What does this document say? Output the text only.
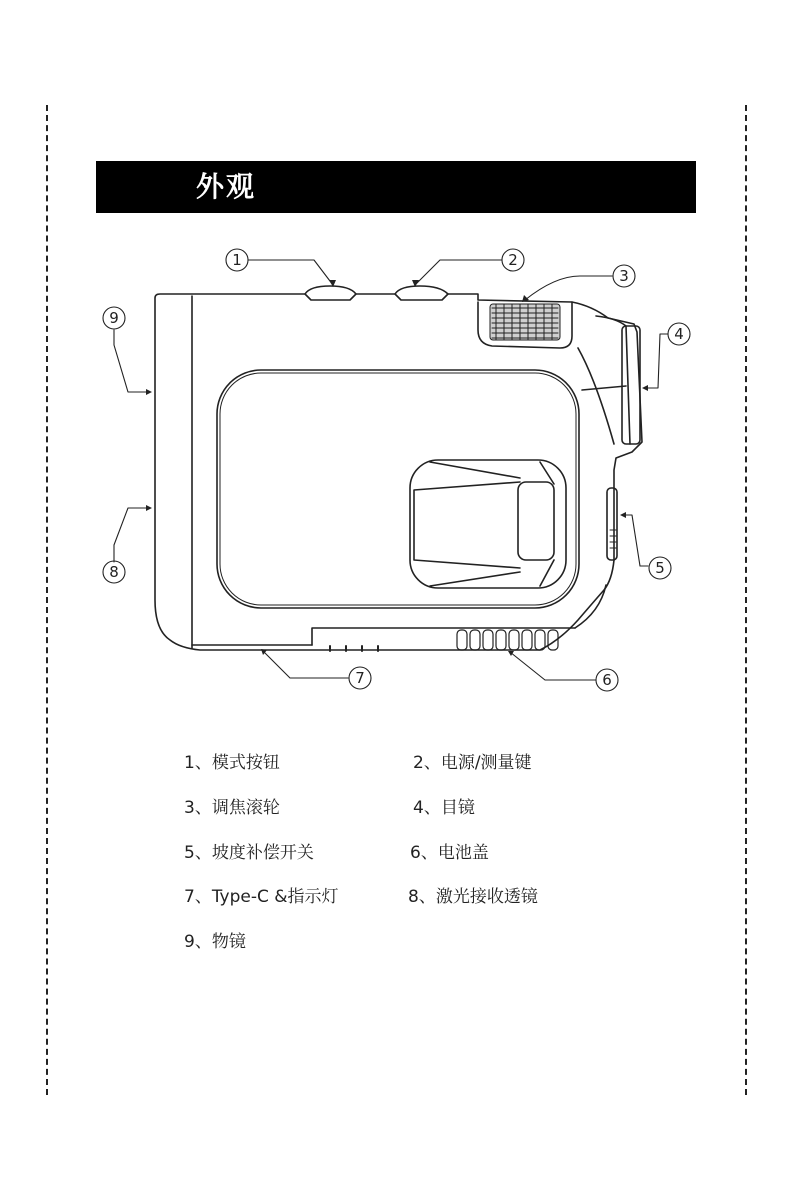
外观
1	2
3
4
5
6
7
8
9
1、模式按钮	2、电源/测量键
3、调焦滚轮	4、目镜
5、坡度补偿开关	6、电池盖
7、Type-C &指示灯	8、激光接收透镜
9、物镜
